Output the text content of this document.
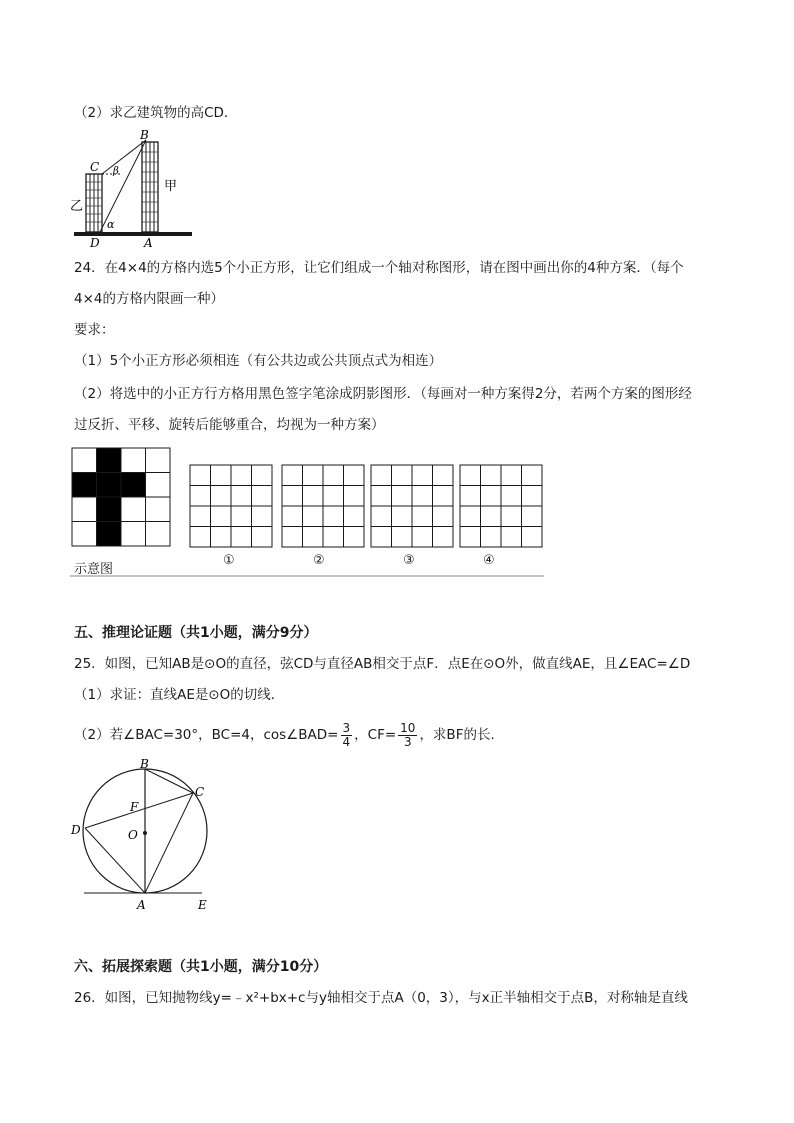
（2）求乙建筑物的高CD．
B
C β
乙
甲
α
D	A
24．在4×4的方格内选5个小正方形，让它们组成一个轴对称图形，请在图中画出你的4种方案．（每个
4×4的方格内限画一种）
要求：
（1）5个小正方形必须相连（有公共边或公共顶点式为相连）
（2）将选中的小正方行方格用黑色签字笔涂成阴影图形．（每画对一种方案得2分，若两个方案的图形经
过反折、平移、旋转后能够重合，均视为一种方案）
示意图
①	②	③	④
五、推理论证题（共1小题，满分9分）
25．如图，已知AB是⊙O的直径，弦CD与直径AB相交于点F．点E在⊙O外，做直线AE，且∠EAC=∠D
（1）求证：直线AE是⊙O的切线．
（2）若∠BAC=30°，BC=4，cos∠BAD= $\frac{3}{4}$ ，$CF= \frac{10}{3}$ ，求BF的长．
B
C
F
D	O
A	E
六、拓展探索题（共1小题，满分10分）
26．如图，已知抛物线y=﹣x²+bx+c与y轴相交于点A（0，3），与x正半轴相交于点B，对称轴是直线
